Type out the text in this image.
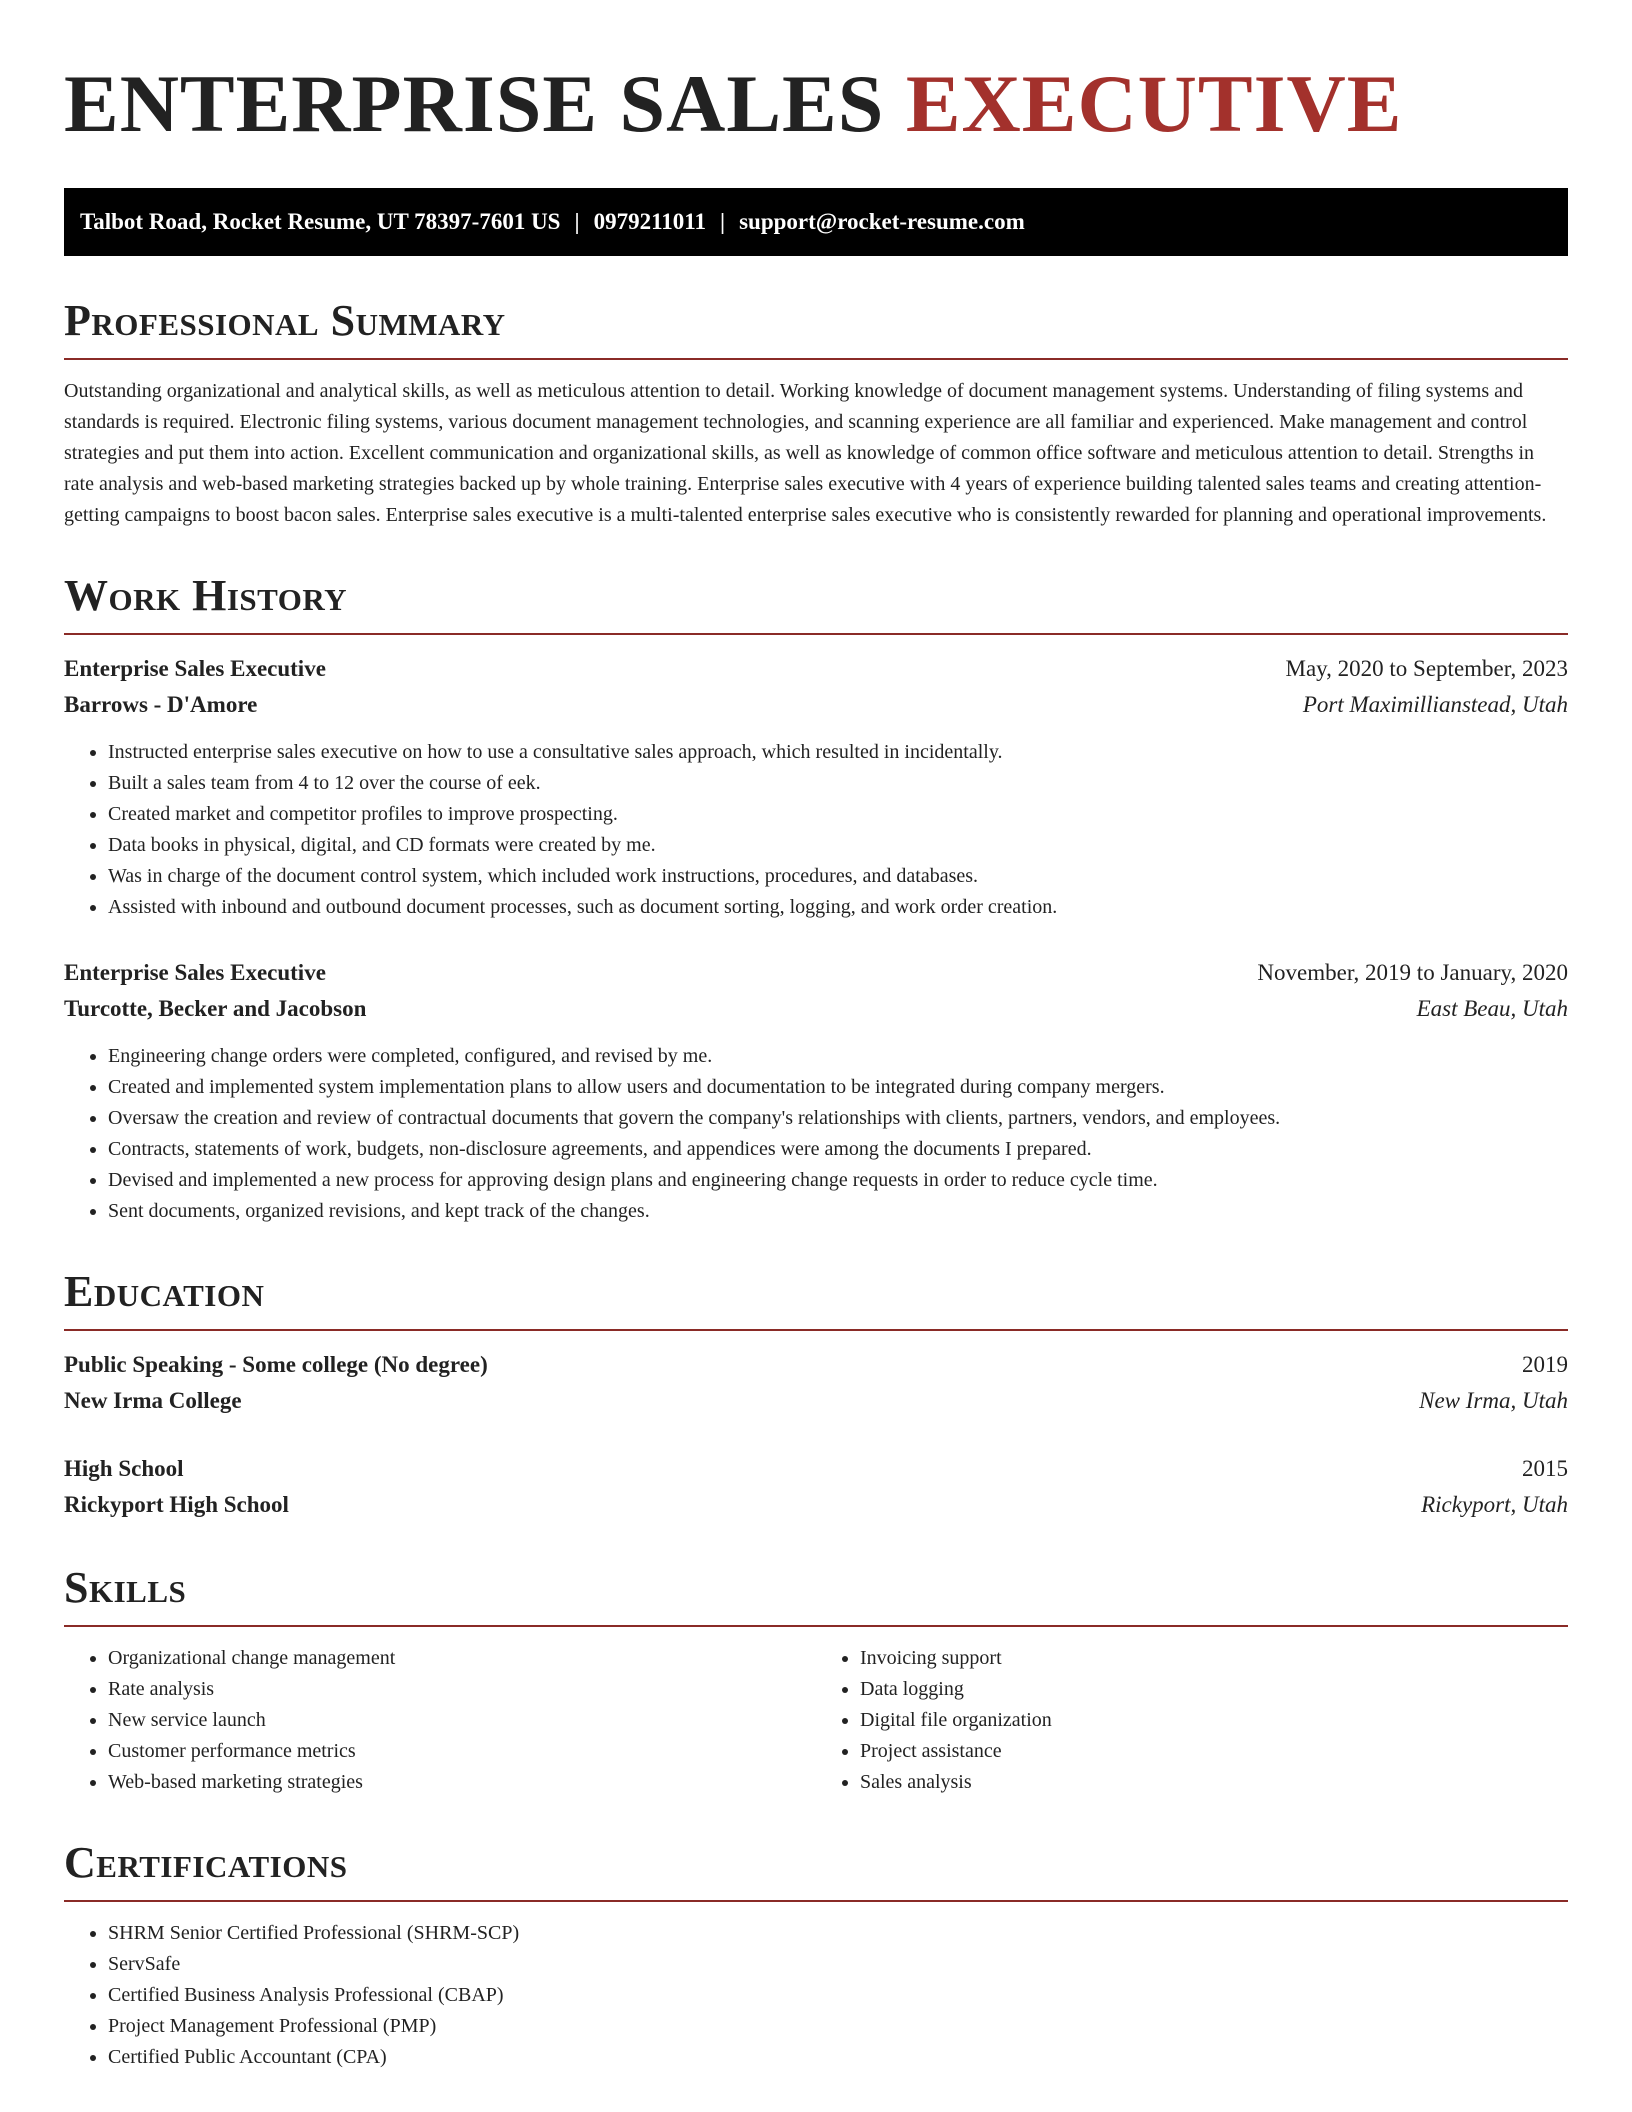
ENTERPRISE SALES EXECUTIVE
Talbot Road, Rocket Resume, UT 78397-7601 US | 0979211011 | support@rocket-resume.com
Professional Summary

Outstanding organizational and analytical skills, as well as meticulous attention to detail. Working knowledge of document management systems. Understanding of filing systems and standards is required. Electronic filing systems, various document management technologies, and scanning experience are all familiar and experienced. Make management and control strategies and put them into action. Excellent communication and organizational skills, as well as knowledge of common office software and meticulous attention to detail. Strengths in rate analysis and web-based marketing strategies backed up by whole training. Enterprise sales executive with 4 years of experience building talented sales teams and creating attention-getting campaigns to boost bacon sales. Enterprise sales executive is a multi-talented enterprise sales executive who is consistently rewarded for planning and operational improvements.

Work History
Enterprise Sales Executive	May, 2020 to September, 2023
Barrows - D'Amore	Port Maximillianstead, Utah
• Instructed enterprise sales executive on how to use a consultative sales approach, which resulted in incidentally.
• Built a sales team from 4 to 12 over the course of eek.
• Created market and competitor profiles to improve prospecting.
• Data books in physical, digital, and CD formats were created by me.
• Was in charge of the document control system, which included work instructions, procedures, and databases.
• Assisted with inbound and outbound document processes, such as document sorting, logging, and work order creation.
Enterprise Sales Executive	November, 2019 to January, 2020
Turcotte, Becker and Jacobson	East Beau, Utah
• Engineering change orders were completed, configured, and revised by me.
• Created and implemented system implementation plans to allow users and documentation to be integrated during company mergers.
• Oversaw the creation and review of contractual documents that govern the company's relationships with clients, partners, vendors, and employees.
• Contracts, statements of work, budgets, non-disclosure agreements, and appendices were among the documents I prepared.
• Devised and implemented a new process for approving design plans and engineering change requests in order to reduce cycle time.
• Sent documents, organized revisions, and kept track of the changes.
Education
Public Speaking - Some college (No degree)	2019
New Irma College	New Irma, Utah
High School	2015
Rickyport High School	Rickyport, Utah
Skills
• Organizational change management
• Rate analysis
• New service launch
• Customer performance metrics
• Web-based marketing strategies
• Invoicing support
• Data logging
• Digital file organization
• Project assistance
• Sales analysis
Certifications
• SHRM Senior Certified Professional (SHRM-SCP)
• ServSafe
• Certified Business Analysis Professional (CBAP)
• Project Management Professional (PMP)
• Certified Public Accountant (CPA)
